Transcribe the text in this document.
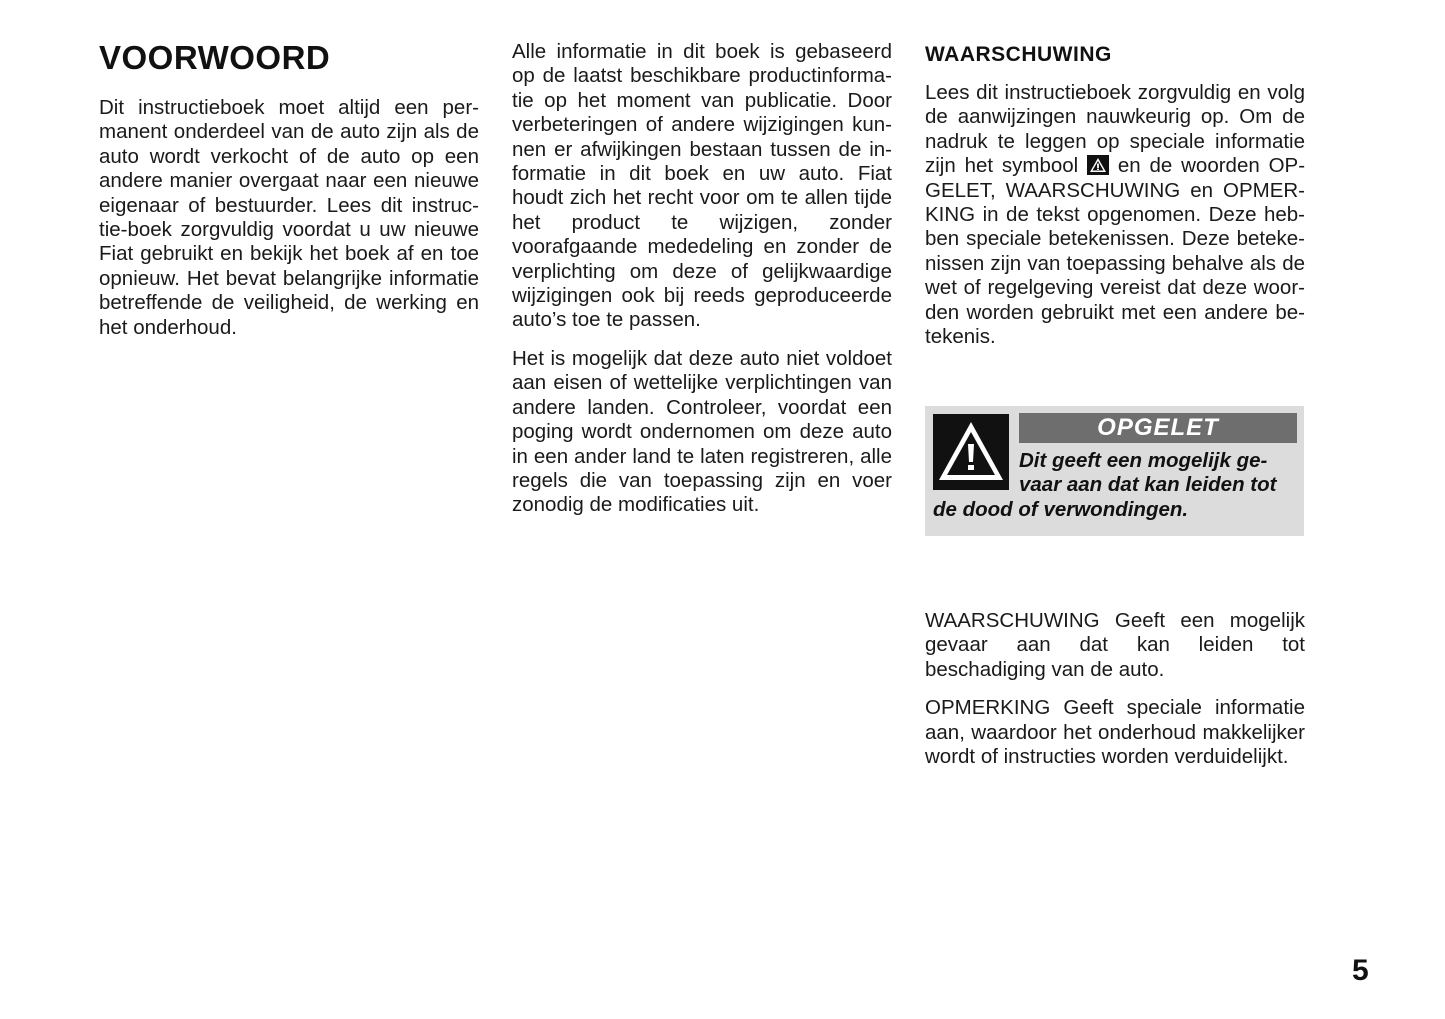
VOORWOORD

Dit instructieboek moet altijd een permanent onderdeel van de auto zijn als de auto wordt verkocht of de auto op een andere manier overgaat naar een nieuwe eigenaar of bestuurder. Lees dit instructie-boek zorgvuldig voordat u uw nieuwe Fiat gebruikt en bekijk het boek af en toe opnieuw. Het bevat belangrijke informatie betreffende de veiligheid, de werking en het onderhoud.

Alle informatie in dit boek is gebaseerd op de laatst beschikbare productinformatie op het moment van publicatie. Door verbeteringen of andere wijzigingen kunnen er afwijkingen bestaan tussen de informatie in dit boek en uw auto. Fiat houdt zich het recht voor om te allen tijde het product te wijzigen, zonder voorafgaande mededeling en zonder de verplichting om deze of gelijkwaardige wijzigingen ook bij reeds geproduceerde auto’s toe te passen.

Het is mogelijk dat deze auto niet voldoet aan eisen of wettelijke verplichtingen van andere landen. Controleer, voordat een poging wordt ondernomen om deze auto in een ander land te laten registreren, alle regels die van toepassing zijn en voer zonodig de modificaties uit.

WAARSCHUWING

Lees dit instructieboek zorgvuldig en volg de aanwijzingen nauwkeurig op. Om de nadruk te leggen op speciale informatie zijn het symbool en de woorden OPGELET, WAARSCHUWING en OPMERKING in de tekst opgenomen. Deze hebben speciale betekenissen. Deze betekenissen zijn van toepassing behalve als de wet of regelgeving vereist dat deze woorden worden gebruikt met een andere betekenis.

OPGELET
Dit geeft een mogelijk gevaar aan dat kan leiden tot de dood of verwondingen.

WAARSCHUWING Geeft een mogelijk gevaar aan dat kan leiden tot beschadiging van de auto.

OPMERKING Geeft speciale informatie aan, waardoor het onderhoud makkelijker wordt of instructies worden verduidelijkt.

5
